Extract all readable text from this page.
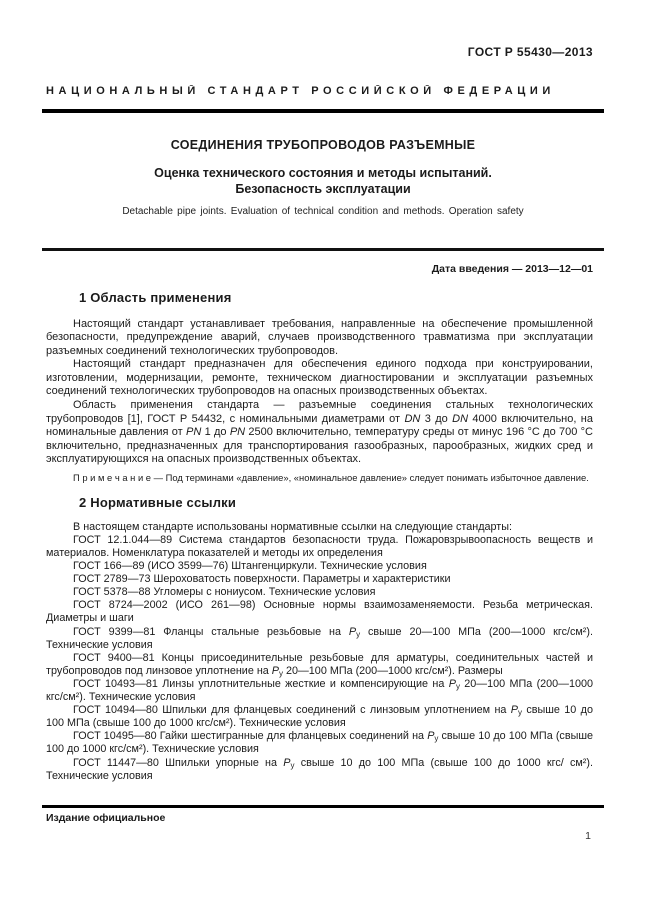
ГОСТ Р 55430—2013
НАЦИОНАЛЬНЫЙ СТАНДАРТ РОССИЙСКОЙ ФЕДЕРАЦИИ
СОЕДИНЕНИЯ ТРУБОПРОВОДОВ РАЗЪЕМНЫЕ
Оценка технического состояния и методы испытаний.
Безопасность эксплуатации
Detachable pipe joints. Evaluation of technical condition and methods. Operation safety
Дата введения — 2013—12—01
1 Область применения

Настоящий стандарт устанавливает требования, направленные на обеспечение промышленной безопасности, предупреждение аварий, случаев производственного травматизма при эксплуатации разъемных соединений технологических трубопроводов.

Настоящий стандарт предназначен для обеспечения единого подхода при конструировании, изготовлении, модернизации, ремонте, техническом диагностировании и эксплуатации разъемных соединений технологических трубопроводов на опасных производственных объектах.

Область применения стандарта — разъемные соединения стальных технологических трубопроводов [1], ГОСТ Р 54432, с номинальными диаметрами от DN 3 до DN 4000 включительно, на номинальные давления от PN 1 до PN 2500 включительно, температуру среды от минус 196 °С до 700 °С включительно, предназначенных для транспортирования газообразных, парообразных, жидких сред и эксплуатирующихся на опасных производственных объектах.

П р и м е ч а н и е — Под терминами «давление», «номинальное давление» следует понимать избыточное давление.

2 Нормативные ссылки

В настоящем стандарте использованы нормативные ссылки на следующие стандарты:

ГОСТ 12.1.044—89 Система стандартов безопасности труда. Пожаровзрывоопасность веществ и материалов. Номенклатура показателей и методы их определения

ГОСТ 166—89 (ИСО 3599—76) Штангенциркули. Технические условия

ГОСТ 2789—73 Шероховатость поверхности. Параметры и характеристики

ГОСТ 5378—88 Угломеры с нониусом. Технические условия

ГОСТ 8724—2002 (ИСО 261—98) Основные нормы взаимозаменяемости. Резьба метрическая. Диаметры и шаги

ГОСТ 9399—81 Фланцы стальные резьбовые на $P_у$ свыше 20—100 МПа (200—1000 кгс/см²). Технические условия

ГОСТ 9400—81 Концы присоединительные резьбовые для арматуры, соединительных частей и трубопроводов под линзовое уплотнение на $P_у$ 20—100 МПа (200—1000 кгс/см²). Размеры

ГОСТ 10493—81 Линзы уплотнительные жесткие и компенсирующие на $P_у$ 20—100 МПа (200—1000 кгс/см²). Технические условия

ГОСТ 10494—80 Шпильки для фланцевых соединений с линзовым уплотнением на $P_у$ свыше 10 до 100 МПа (свыше 100 до 1000 кгс/см²). Технические условия

ГОСТ 10495—80 Гайки шестигранные для фланцевых соединений на $P_у$ свыше 10 до 100 МПа (свыше 100 до 1000 кгс/см²). Технические условия

ГОСТ 11447—80 Шпильки упорные на $P_у$ свыше 10 до 100 МПа (свыше 100 до 1000 кгс/ см²). Технические условия

Издание официальное
1
